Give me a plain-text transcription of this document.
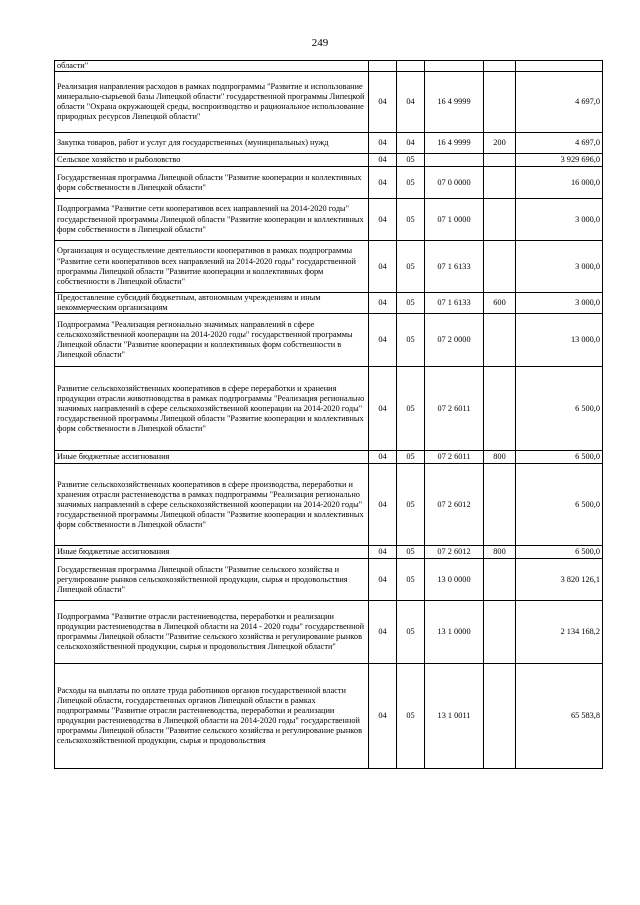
249
области"					
Реализация направления расходов в рамках подпрограммы "Развитие и использование минерально-сырьевой базы Липецкой области" государственной программы Липецкой области "Охрана окружающей среды, воспроизводство и рациональное использование природных ресурсов Липецкой области"	04	04	16 4 9999		4 697,0
Закупка товаров, работ и услуг для государственных (муниципальных) нужд	04	04	16 4 9999	200	4 697,0
Сельское хозяйство и рыболовство	04	05			3 929 696,0
Государственная программа Липецкой области "Развитие кооперации и коллективных форм собственности в Липецкой области"	04	05	07 0 0000		16 000,0
Подпрограмма "Развитие сети кооперативов всех направлений на 2014-2020 годы" государственной программы Липецкой области "Развитие кооперации и коллективных форм собственности в Липецкой области"	04	05	07 1 0000		3 000,0
Организация и осуществление деятельности кооперативов в рамках подпрограммы "Развитие сети кооперативов всех направлений на 2014-2020 годы" государственной программы Липецкой области "Развитие кооперации и коллективных форм собственности в Липецкой области"	04	05	07 1 6133		3 000,0
Предоставление субсидий бюджетным, автономным учреждениям и иным некоммерческим организациям	04	05	07 1 6133	600	3 000,0
Подпрограмма "Реализация регионально значимых направлений в сфере сельскохозяйственной кооперации на 2014-2020 годы" государственной программы Липецкой области "Развитие кооперации и коллективных форм собственности в Липецкой области"	04	05	07 2 0000		13 000,0
Развитие сельскохозяйственных кооперативов в сфере переработки и хранения продукции отрасли животноводства в рамках подпрограммы "Реализация регионально значимых направлений в сфере сельскохозяйственной кооперации на 2014-2020 годы" государственной программы Липецкой области "Развитие кооперации и коллективных форм собственности в Липецкой области"	04	05	07 2 6011		6 500,0
Иные бюджетные ассигнования	04	05	07 2 6011	800	6 500,0
Развитие сельскохозяйственных кооперативов в сфере производства, переработки и хранения отрасли растениеводства в рамках подпрограммы "Реализация регионально значимых направлений в сфере сельскохозяйственной кооперации на 2014-2020 годы" государственной программы Липецкой области "Развитие кооперации и коллективных форм собственности в Липецкой области"	04	05	07 2 6012		6 500,0
Иные бюджетные ассигнования	04	05	07 2 6012	800	6 500,0
Государственная программа Липецкой области "Развитие сельского хозяйства и регулирование рынков сельскохозяйственной продукции, сырья и продовольствия Липецкой области"	04	05	13 0 0000		3 820 126,1
Подпрограмма "Развитие отрасли растениеводства, переработки и реализации продукции растениеводства в Липецкой области на 2014 - 2020 годы" государственной программы Липецкой области "Развитие сельского хозяйства и регулирование рынков сельскохозяйственной продукции, сырья и продовольствия Липецкой области"	04	05	13 1 0000		2 134 168,2
Расходы на выплаты по оплате труда работников органов государственной власти Липецкой области, государственных органов Липецкой области в рамках подпрограммы "Развитие отрасли растениеводства, переработки и реализации продукции растениеводства в Липецкой области на 2014-2020 годы" государственной программы Липецкой области "Развитие сельского хозяйства и регулирование рынков сельскохозяйственной продукции, сырья и продовольствия	04	05	13 1 0011		65 583,8
